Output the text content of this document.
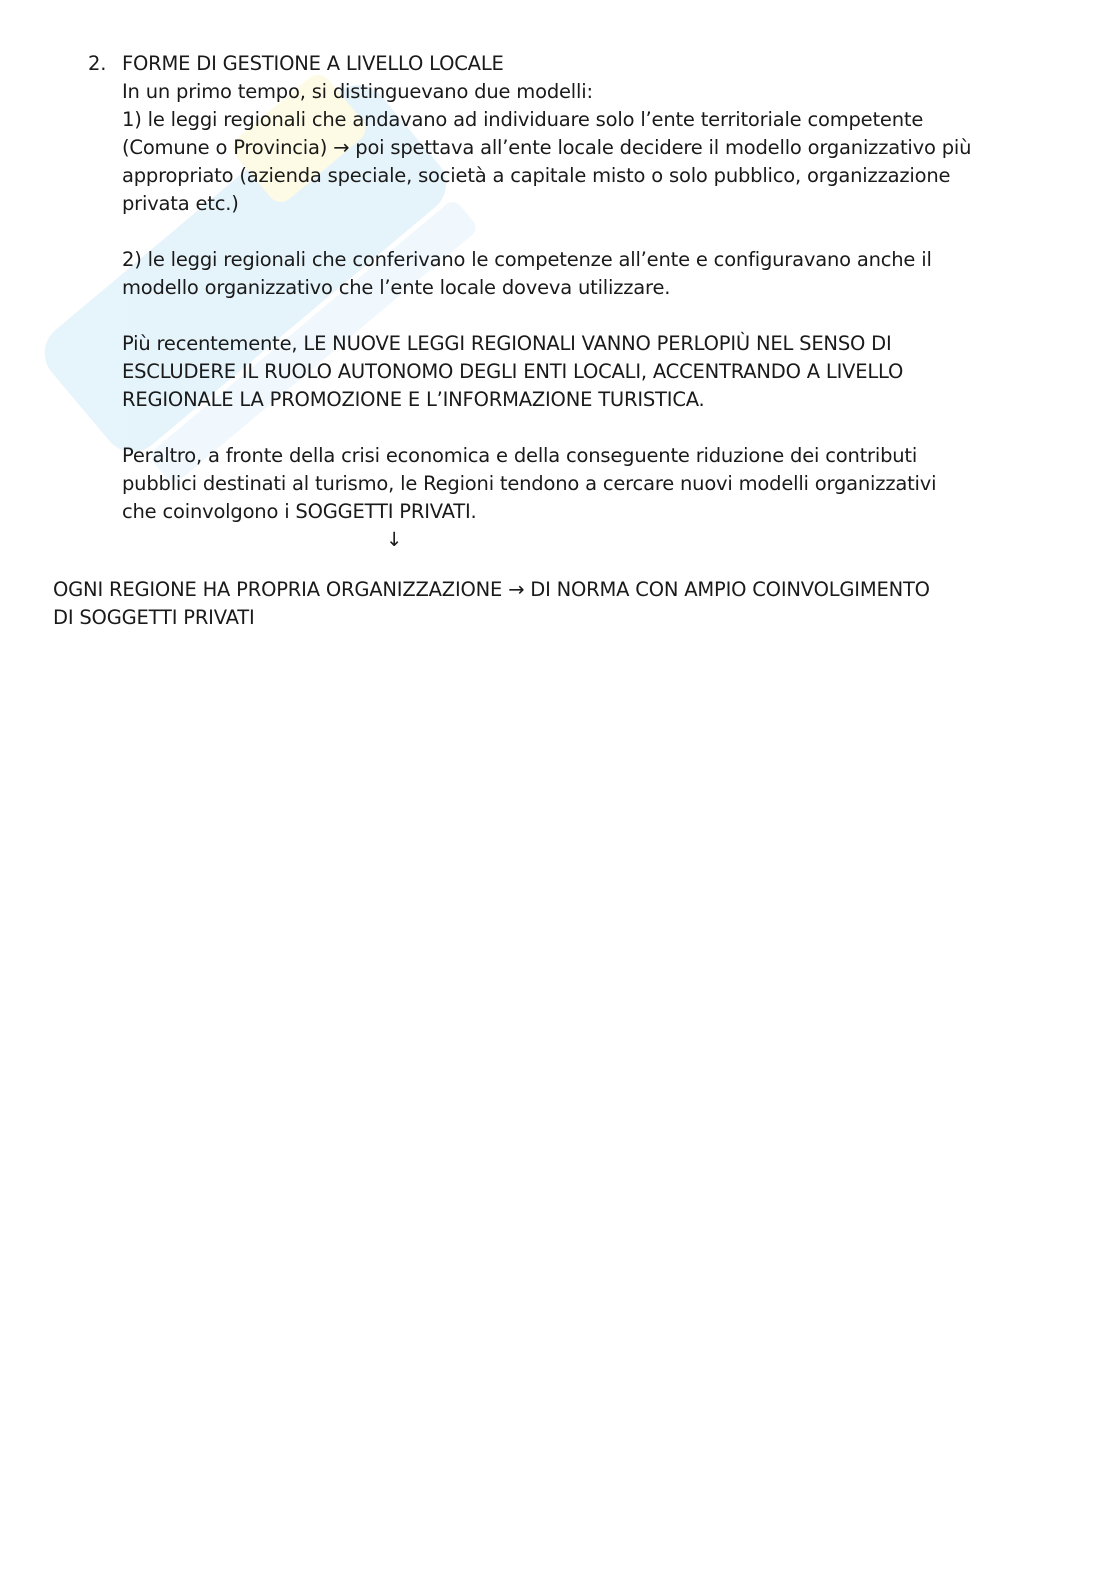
2. FORME DI GESTIONE A LIVELLO LOCALE
In un primo tempo, si distinguevano due modelli:
1) le leggi regionali che andavano ad individuare solo l’ente territoriale competente
(Comune o Provincia) → poi spettava all’ente locale decidere il modello organizzativo più
appropriato (azienda speciale, società a capitale misto o solo pubblico, organizzazione
privata etc.)
2) le leggi regionali che conferivano le competenze all’ente e configuravano anche il
modello organizzativo che l’ente locale doveva utilizzare.
Più recentemente, LE NUOVE LEGGI REGIONALI VANNO PERLOPIÙ NEL SENSO DI
ESCLUDERE IL RUOLO AUTONOMO DEGLI ENTI LOCALI, ACCENTRANDO A LIVELLO
REGIONALE LA PROMOZIONE E L’INFORMAZIONE TURISTICA.
Peraltro, a fronte della crisi economica e della conseguente riduzione dei contributi
pubblici destinati al turismo, le Regioni tendono a cercare nuovi modelli organizzativi
che coinvolgono i SOGGETTI PRIVATI.
↓
OGNI REGIONE HA PROPRIA ORGANIZZAZIONE → DI NORMA CON AMPIO COINVOLGIMENTO
DI SOGGETTI PRIVATI
